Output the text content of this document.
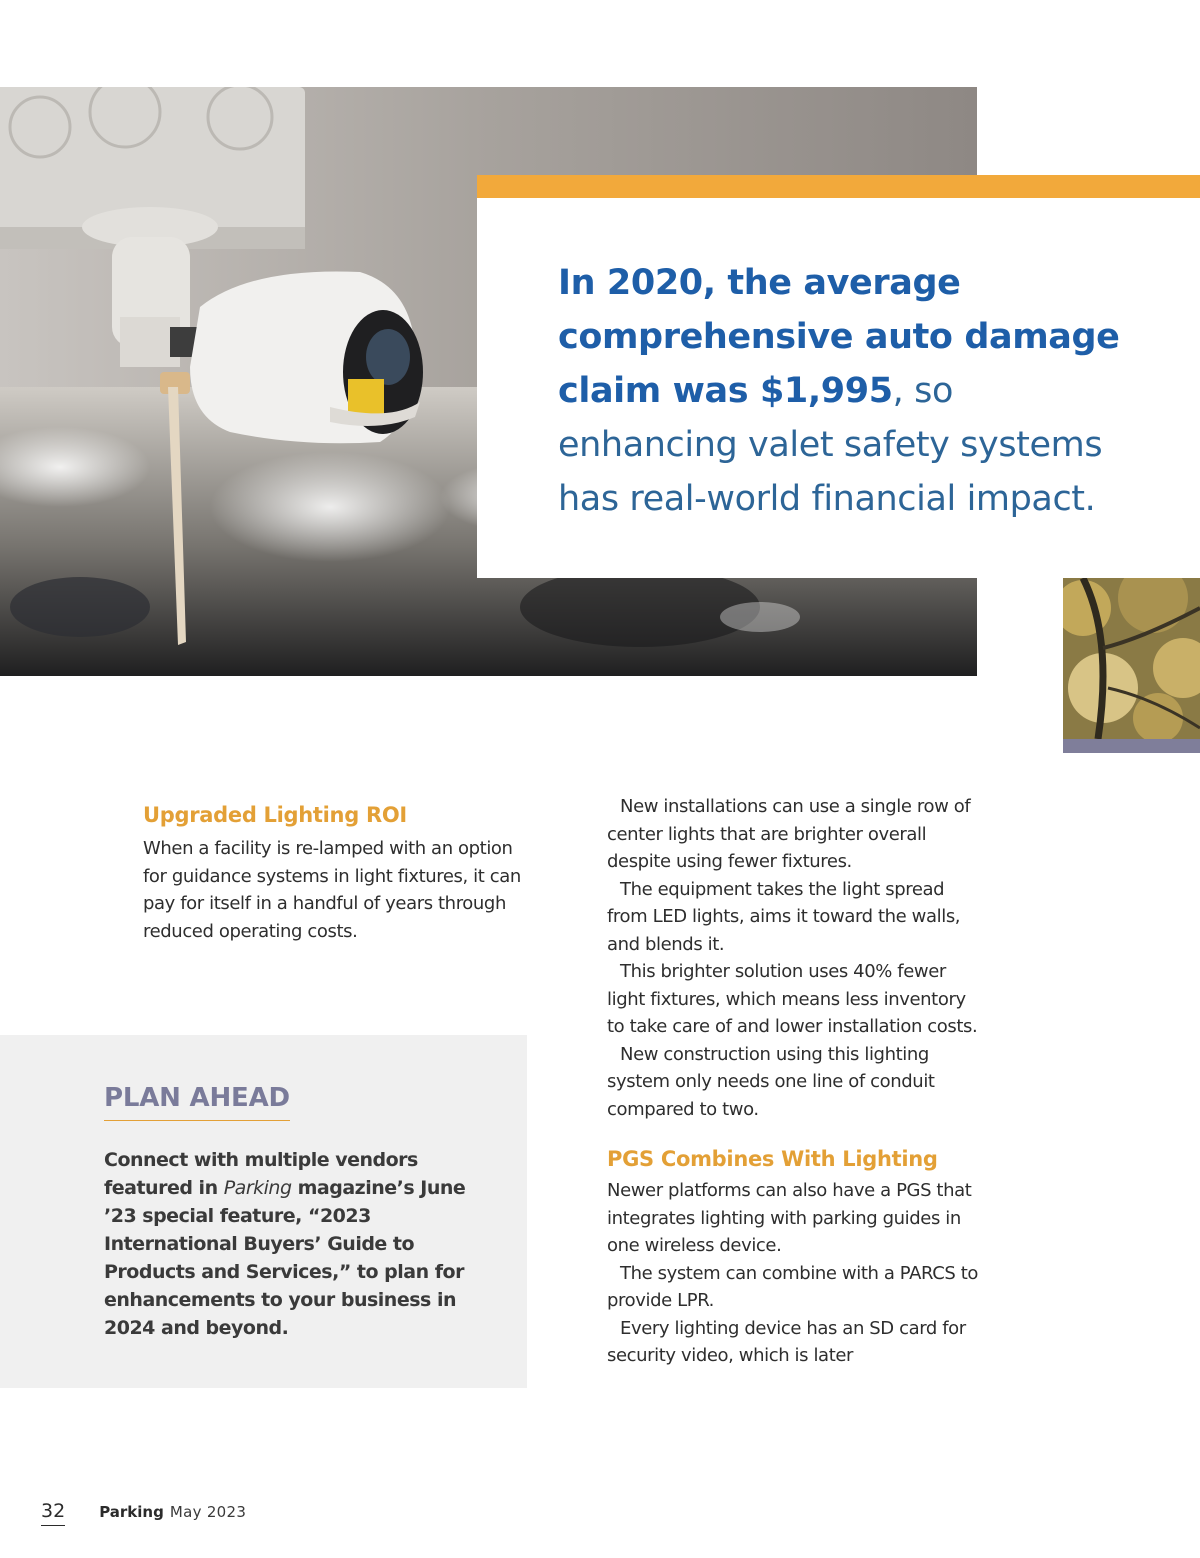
In 2020, the average comprehensive auto damage claim was $1,995, so enhancing valet safety systems has real-world financial impact.

Upgraded Lighting ROI

When a facility is re-lamped with an option for guidance systems in light fixtures, it can pay for itself in a handful of years through reduced operating costs.

PLAN AHEAD

Connect with multiple vendors featured in Parking magazine’s June ’23 special feature, “2023 International Buyers’ Guide to Products and Services,” to plan for enhancements to your business in 2024 and beyond.

New installations can use a single row of center lights that are brighter overall despite using fewer fixtures.

The equipment takes the light spread from LED lights, aims it toward the walls, and blends it.

This brighter solution uses 40% fewer light fixtures, which means less inventory to take care of and lower installation costs.

New construction using this lighting system only needs one line of conduit compared to two.

PGS Combines With Lighting

Newer platforms can also have a PGS that integrates lighting with parking guides in one wireless device.

The system can combine with a PARCS to provide LPR.

Every lighting device has an SD card for security video, which is later

32 Parking May 2023
